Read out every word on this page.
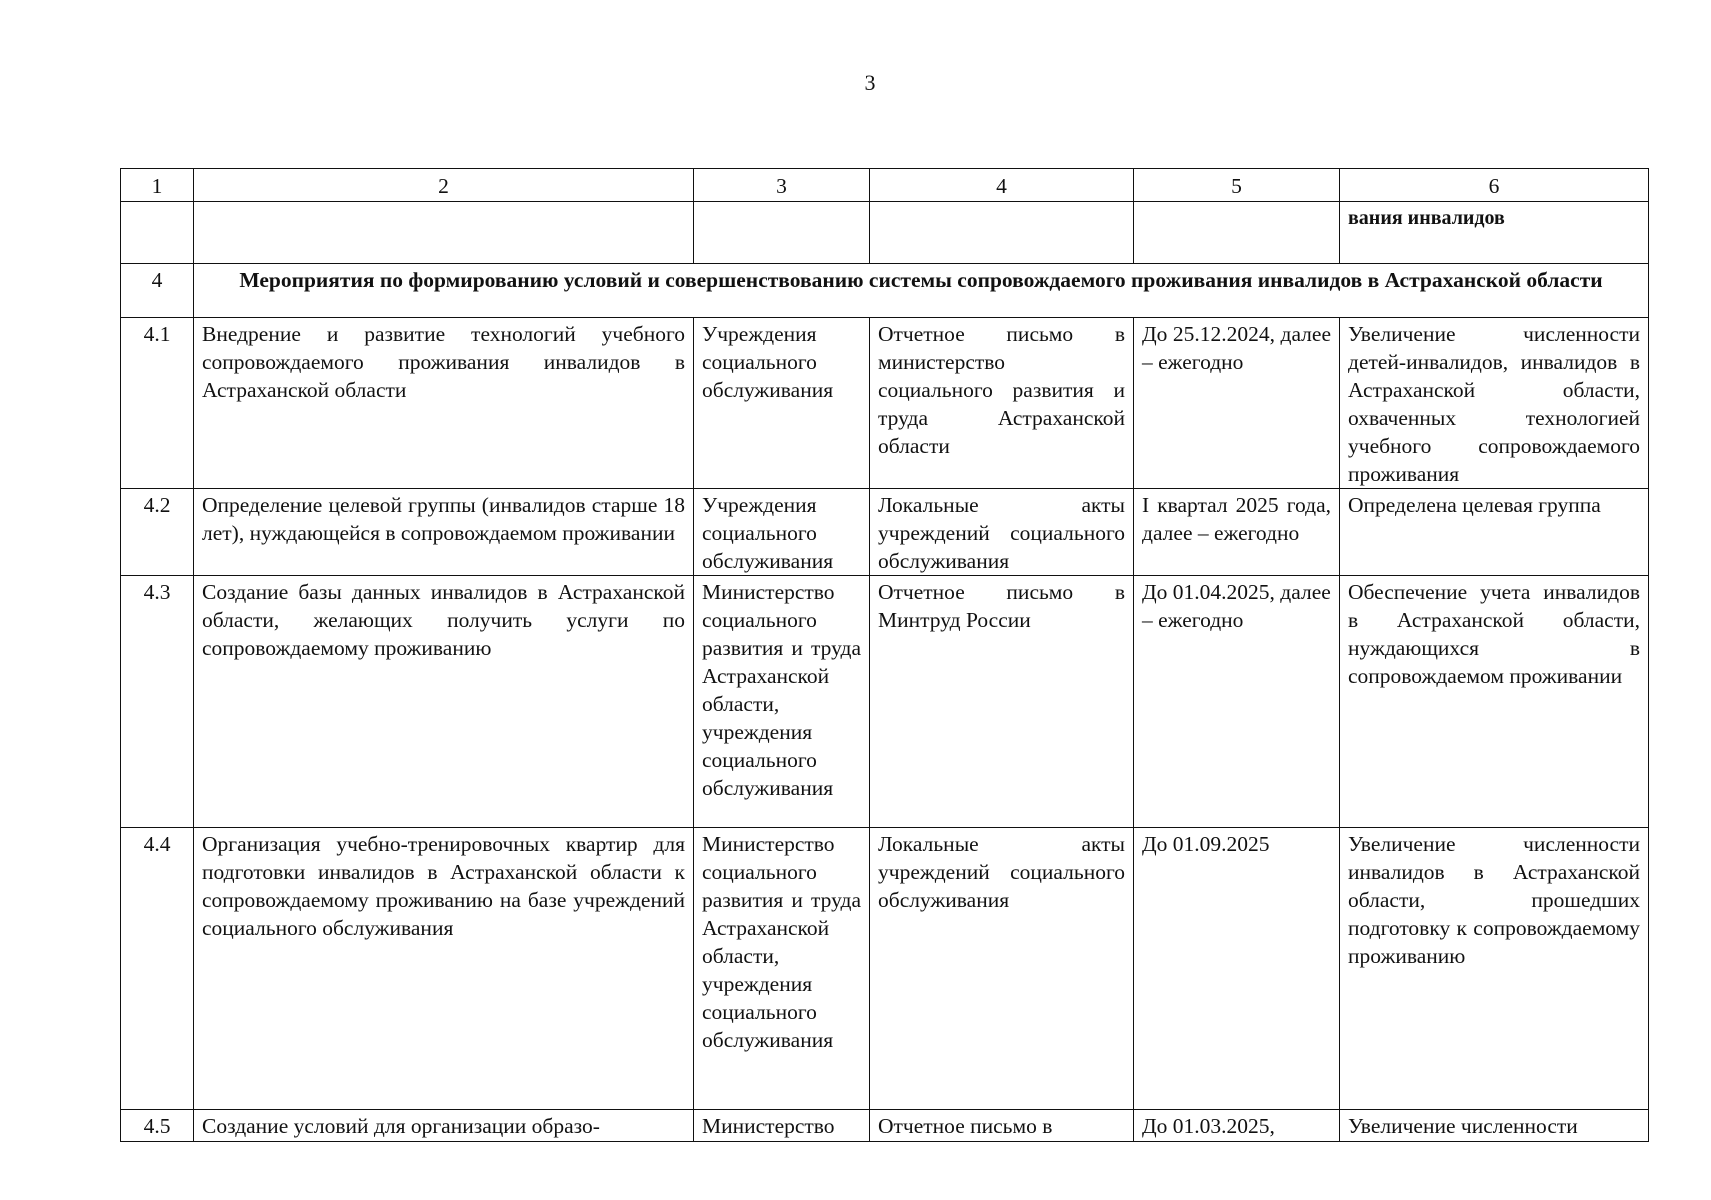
3
1	2	3	4	5	6
					вания инвалидов
4	Мероприятия по формированию условий и совершенствованию системы сопровождаемого проживания инвалидов в Астраханской области				
4.1	Внедрение и развитие технологий учебного сопровождаемого проживания инвалидов в Астраханской области	Учреждения социального обслуживания	Отчетное письмо в министерство социального развития и труда Астраханской области	До 25.12.2024, далее – ежегодно	Увеличение численности детей-инвалидов, инвалидов в Астраханской области, охваченных технологией учебного сопровождаемого проживания
4.2	Определение целевой группы (инвалидов старше 18 лет), нуждающейся в сопровождаемом проживании	Учреждения социального обслуживания	Локальные акты учреждений социального обслуживания	I квартал 2025 года, далее – ежегодно	Определена целевая группа
4.3	Создание базы данных инвалидов в Астраханской области, желающих получить услуги по сопровождаемому проживанию	Министерство социального развития и труда Астраханской области, учреждения социального обслуживания	Отчетное письмо в Минтруд России	До 01.04.2025, далее – ежегодно	Обеспечение учета инвалидов в Астраханской области, нуждающихся в сопровождаемом проживании
4.4	Организация учебно-тренировочных квартир для подготовки инвалидов в Астраханской области к сопровождаемому проживанию на базе учреждений социального обслуживания	Министерство социального развития и труда Астраханской области, учреждения социального обслуживания	Локальные акты учреждений социального обслуживания	До 01.09.2025	Увеличение численности инвалидов в Астраханской области, прошедших подготовку к сопровождаемому проживанию
4.5	Создание условий для организации образо-	Министерство	Отчетное письмо в	До 01.03.2025,	Увеличение численности
